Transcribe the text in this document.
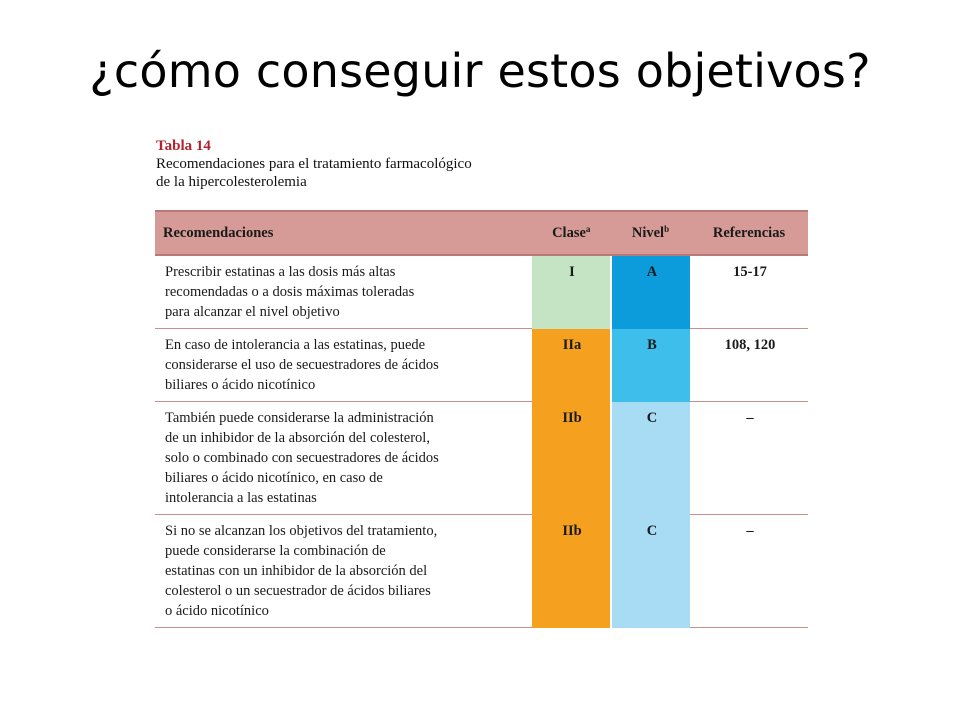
¿cómo conseguir estos objetivos?
Tabla 14
Recomendaciones para el tratamiento farmacológico
de la hipercolesterolemia
Recomendaciones	Clase$^a$	Nivel$^b$	Referencias

Prescribir estatinas a las dosis más altas
recomendadas o a dosis máximas toleradas
para alcanzar el nivel objetivo	I	A	15-17

En caso de intolerancia a las estatinas, puede
considerarse el uso de secuestradores de ácidos
biliares o ácido nicotínico	IIa	B	108, 120

También puede considerarse la administración
de un inhibidor de la absorción del colesterol,
solo o combinado con secuestradores de ácidos
biliares o ácido nicotínico, en caso de
intolerancia a las estatinas	IIb	C	–

Si no se alcanzan los objetivos del tratamiento,
puede considerarse la combinación de
estatinas con un inhibidor de la absorción del
colesterol o un secuestrador de ácidos biliares
o ácido nicotínico	IIb	C	–
